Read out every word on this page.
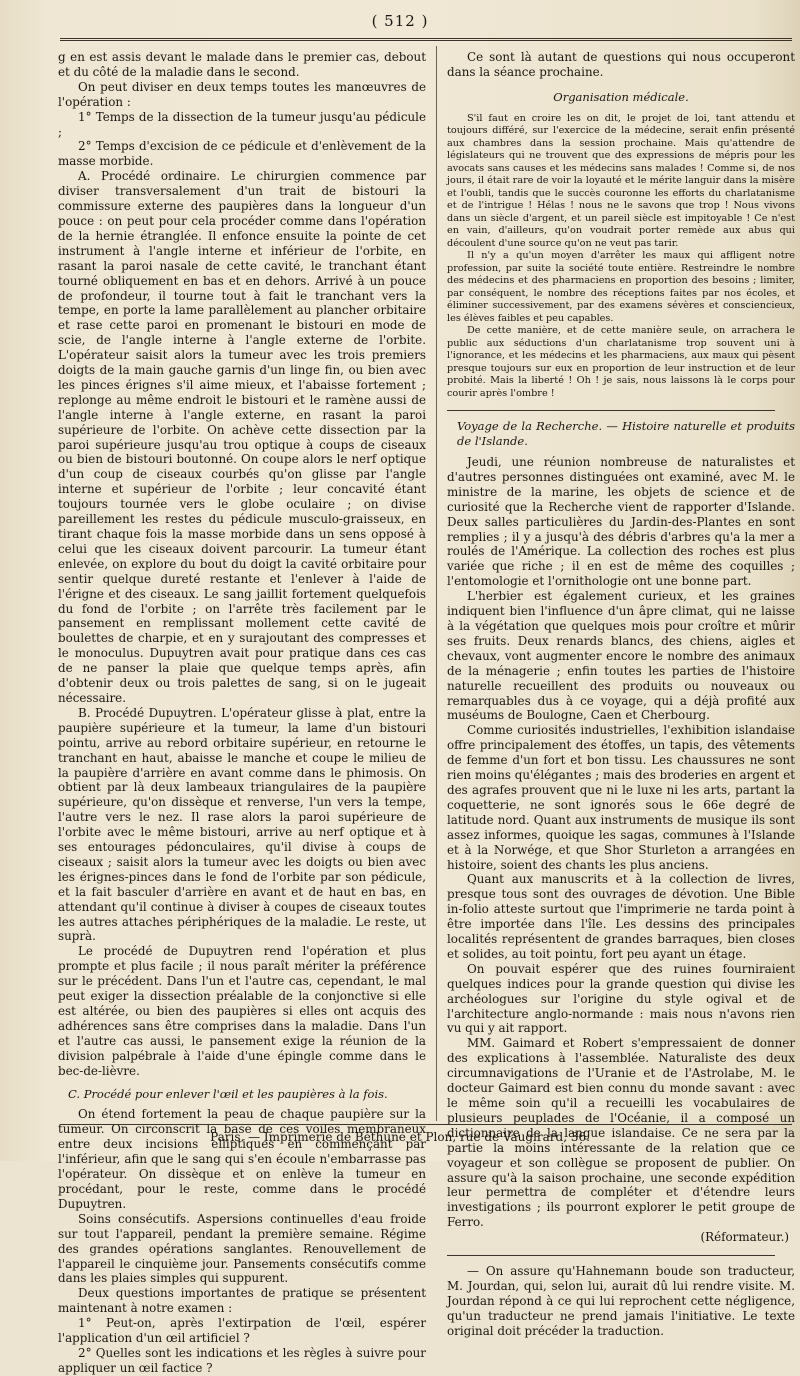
( 512 )

g en est assis devant le malade dans le premier cas, debout et du côté de la maladie dans le second.

On peut diviser en deux temps toutes les manœuvres de l'opération :

1° Temps de la dissection de la tumeur jusqu'au pédicule ;

2° Temps d'excision de ce pédicule et d'enlèvement de la masse morbide.

A. Procédé ordinaire. Le chirurgien commence par diviser transversalement d'un trait de bistouri la commissure externe des paupières dans la longueur d'un pouce : on peut pour cela procéder comme dans l'opération de la hernie étranglée. Il enfonce ensuite la pointe de cet instrument à l'angle interne et inférieur de l'orbite, en rasant la paroi nasale de cette cavité, le tranchant étant tourné obliquement en bas et en dehors. Arrivé à un pouce de profondeur, il tourne tout à fait le tranchant vers la tempe, en porte la lame parallèlement au plancher orbitaire et rase cette paroi en promenant le bistouri en mode de scie, de l'angle interne à l'angle externe de l'orbite. L'opérateur saisit alors la tumeur avec les trois premiers doigts de la main gauche garnis d'un linge fin, ou bien avec les pinces érignes s'il aime mieux, et l'abaisse fortement ; replonge au même endroit le bistouri et le ramène aussi de l'angle interne à l'angle externe, en rasant la paroi supérieure de l'orbite. On achève cette dissection par la paroi supérieure jusqu'au trou optique à coups de ciseaux ou bien de bistouri boutonné. On coupe alors le nerf optique d'un coup de ciseaux courbés qu'on glisse par l'angle interne et supérieur de l'orbite ; leur concavité étant toujours tournée vers le globe oculaire ; on divise pareillement les restes du pédicule musculo-graisseux, en tirant chaque fois la masse morbide dans un sens opposé à celui que les ciseaux doivent parcourir. La tumeur étant enlevée, on explore du bout du doigt la cavité orbitaire pour sentir quelque dureté restante et l'enlever à l'aide de l'érigne et des ciseaux. Le sang jaillit fortement quelquefois du fond de l'orbite ; on l'arrête très facilement par le pansement en remplissant mollement cette cavité de boulettes de charpie, et en y surajoutant des compresses et le monoculus. Dupuytren avait pour pratique dans ces cas de ne panser la plaie que quelque temps après, afin d'obtenir deux ou trois palettes de sang, si on le jugeait nécessaire.

B. Procédé Dupuytren. L'opérateur glisse à plat, entre la paupière supérieure et la tumeur, la lame d'un bistouri pointu, arrive au rebord orbitaire supérieur, en retourne le tranchant en haut, abaisse le manche et coupe le milieu de la paupière d'arrière en avant comme dans le phimosis. On obtient par là deux lambeaux triangulaires de la paupière supérieure, qu'on dissèque et renverse, l'un vers la tempe, l'autre vers le nez. Il rase alors la paroi supérieure de l'orbite avec le même bistouri, arrive au nerf optique et à ses entourages pédonculaires, qu'il divise à coups de ciseaux ; saisit alors la tumeur avec les doigts ou bien avec les érignes-pinces dans le fond de l'orbite par son pédicule, et la fait basculer d'arrière en avant et de haut en bas, en attendant qu'il continue à diviser à coupes de ciseaux toutes les autres attaches périphériques de la maladie. Le reste, ut suprà.

Le procédé de Dupuytren rend l'opération et plus prompte et plus facile ; il nous paraît mériter la préférence sur le précédent. Dans l'un et l'autre cas, cependant, le mal peut exiger la dissection préalable de la conjonctive si elle est altérée, ou bien des paupières si elles ont acquis des adhérences sans être comprises dans la maladie. Dans l'un et l'autre cas aussi, le pansement exige la réunion de la division palpébrale à l'aide d'une épingle comme dans le bec-de-lièvre.

C. Procédé pour enlever l'œil et les paupières à la fois.

On étend fortement la peau de chaque paupière sur la tumeur. On circonscrit la base de ces voiles membraneux entre deux incisions elliptiques en commençant par l'inférieur, afin que le sang qui s'en écoule n'embarrasse pas l'opérateur. On dissèque et on enlève la tumeur en procédant, pour le reste, comme dans le procédé Dupuytren.

Soins consécutifs. Aspersions continuelles d'eau froide sur tout l'appareil, pendant la première semaine. Régime des grandes opérations sanglantes. Renouvellement de l'appareil le cinquième jour. Pansements consécutifs comme dans les plaies simples qui suppurent.

Deux questions importantes de pratique se présentent maintenant à notre examen :

1° Peut-on, après l'extirpation de l'œil, espérer l'application d'un œil artificiel ?

2° Quelles sont les indications et les règles à suivre pour appliquer un œil factice ?

Ce sont là autant de questions qui nous occuperont dans la séance prochaine.

Organisation médicale.

S'il faut en croire les on dit, le projet de loi, tant attendu et toujours différé, sur l'exercice de la médecine, serait enfin présenté aux chambres dans la session prochaine. Mais qu'attendre de législateurs qui ne trouvent que des expressions de mépris pour les avocats sans causes et les médecins sans malades ! Comme si, de nos jours, il était rare de voir la loyauté et le mérite languir dans la misère et l'oubli, tandis que le succès couronne les efforts du charlatanisme et de l'intrigue ! Hélas ! nous ne le savons que trop ! Nous vivons dans un siècle d'argent, et un pareil siècle est impitoyable ! Ce n'est en vain, d'ailleurs, qu'on voudrait porter remède aux abus qui découlent d'une source qu'on ne veut pas tarir.

Il n'y a qu'un moyen d'arrêter les maux qui affligent notre profession, par suite la société toute entière. Restreindre le nombre des médecins et des pharmaciens en proportion des besoins ; limiter, par conséquent, le nombre des réceptions faites par nos écoles, et éliminer successivement, par des examens sévères et consciencieux, les élèves faibles et peu capables.

De cette manière, et de cette manière seule, on arrachera le public aux séductions d'un charlatanisme trop souvent uni à l'ignorance, et les médecins et les pharmaciens, aux maux qui pèsent presque toujours sur eux en proportion de leur instruction et de leur probité. Mais la liberté ! Oh ! je sais, nous laissons là le corps pour courir après l'ombre !

Voyage de la Recherche. — Histoire naturelle et produits de l'Islande.

Jeudi, une réunion nombreuse de naturalistes et d'autres personnes distinguées ont examiné, avec M. le ministre de la marine, les objets de science et de curiosité que la Recherche vient de rapporter d'Islande. Deux salles particulières du Jardin-des-Plantes en sont remplies ; il y a jusqu'à des débris d'arbres qu'a la mer a roulés de l'Amérique. La collection des roches est plus variée que riche ; il en est de même des coquilles ; l'entomologie et l'ornithologie ont une bonne part.

L'herbier est également curieux, et les graines indiquent bien l'influence d'un âpre climat, qui ne laisse à la végétation que quelques mois pour croître et mûrir ses fruits. Deux renards blancs, des chiens, aigles et chevaux, vont augmenter encore le nombre des animaux de la ménagerie ; enfin toutes les parties de l'histoire naturelle recueillent des produits ou nouveaux ou remarquables dus à ce voyage, qui a déjà profité aux muséums de Boulogne, Caen et Cherbourg.

Comme curiosités industrielles, l'exhibition islandaise offre principalement des étoffes, un tapis, des vêtements de femme d'un fort et bon tissu. Les chaussures ne sont rien moins qu'élégantes ; mais des broderies en argent et des agrafes prouvent que ni le luxe ni les arts, partant la coquetterie, ne sont ignorés sous le 66e degré de latitude nord. Quant aux instruments de musique ils sont assez informes, quoique les sagas, communes à l'Islande et à la Norwége, et que Shor Sturleton a arrangées en histoire, soient des chants les plus anciens.

Quant aux manuscrits et à la collection de livres, presque tous sont des ouvrages de dévotion. Une Bible in-folio atteste surtout que l'imprimerie ne tarda point à être importée dans l'île. Les dessins des principales localités représentent de grandes barraques, bien closes et solides, au toit pointu, fort peu ayant un étage.

On pouvait espérer que des ruines fourniraient quelques indices pour la grande question qui divise les archéologues sur l'origine du style ogival et de l'architecture anglo-normande : mais nous n'avons rien vu qui y ait rapport.

MM. Gaimard et Robert s'empressaient de donner des explications à l'assemblée. Naturaliste des deux circumnavigations de l'Uranie et de l'Astrolabe, M. le docteur Gaimard est bien connu du monde savant : avec le même soin qu'il a recueilli les vocabulaires de plusieurs peuplades de l'Océanie, il a composé un dictionnaire de la langue islandaise. Ce ne sera par la partie la moins intéressante de la relation que ce voyageur et son collègue se proposent de publier. On assure qu'à la saison prochaine, une seconde expédition leur permettra de compléter et d'étendre leurs investigations ; ils pourront explorer le petit groupe de Ferro.

(Réformateur.)

— On assure qu'Hahnemann boude son traducteur, M. Jourdan, qui, selon lui, aurait dû lui rendre visite. M. Jourdan répond à ce qui lui reprochent cette négligence, qu'un traducteur ne prend jamais l'initiative. Le texte original doit précéder la traduction.

Paris. — Imprimerie de Béthune et Plon, rue de Vaugirard, 36.
